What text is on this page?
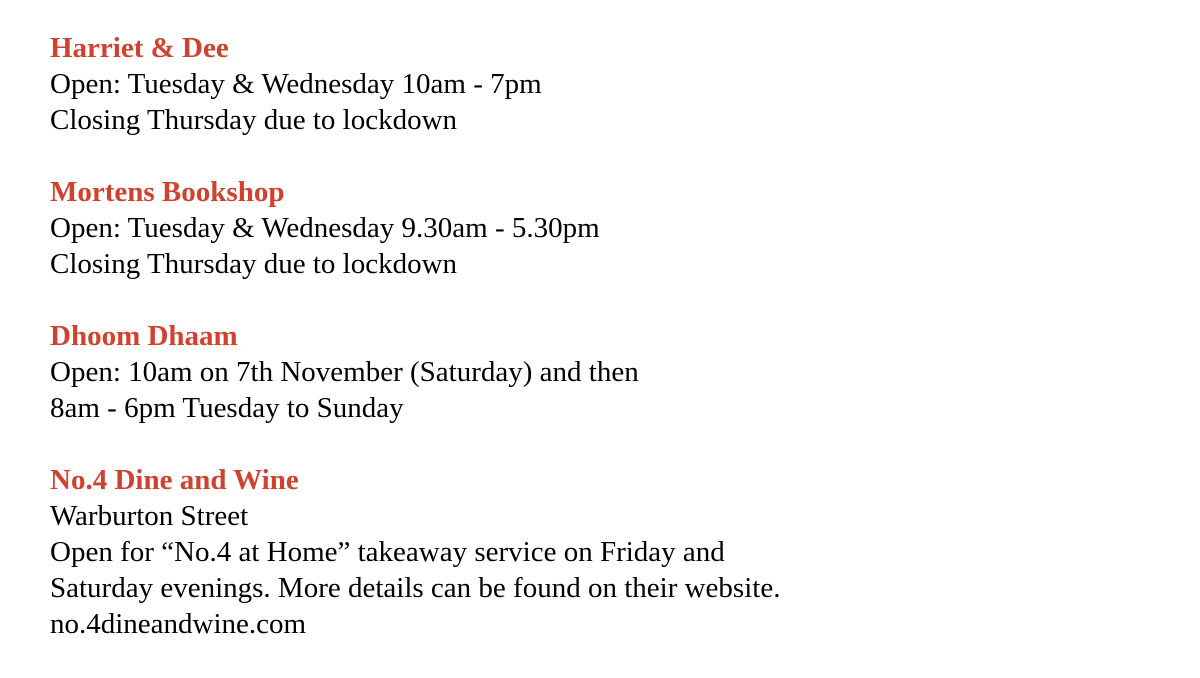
Harriet & Dee
Open: Tuesday & Wednesday 10am - 7pm
Closing Thursday due to lockdown
Mortens Bookshop
Open: Tuesday & Wednesday 9.30am - 5.30pm
Closing Thursday due to lockdown
Dhoom Dhaam
Open: 10am on 7th November (Saturday) and then
8am - 6pm Tuesday to Sunday
No.4 Dine and Wine
Warburton Street
Open for “No.4 at Home” takeaway service on Friday and
Saturday evenings. More details can be found on their website.
no.4dineandwine.com
